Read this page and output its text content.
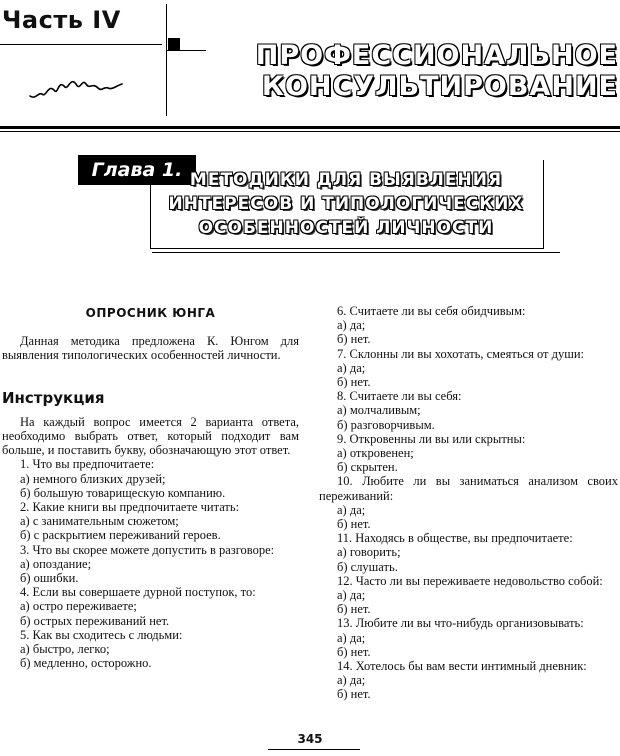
Часть IV
ПРОФЕССИОНАЛЬНОЕ КОНСУЛЬТИРОВАНИЕ
Глава 1. МЕТОДИКИ ДЛЯ ВЫЯВЛЕНИЯ ИНТЕРЕСОВ И ТИПОЛОГИЧЕСКИХ ОСОБЕННОСТЕЙ ЛИЧНОСТИ
ОПРОСНИК ЮНГА

Данная методика предложена К. Юнгом для выявления типологических особенностей личности.

Инструкция

На каждый вопрос имеется 2 варианта ответа, необходимо выбрать ответ, который подходит вам больше, и поставить букву, обозначающую этот ответ.

1. Что вы предпочитаете:

а) немного близких друзей;

б) большую товарищескую компанию.

2. Какие книги вы предпочитаете читать:

а) с занимательным сюжетом;

б) с раскрытием переживаний героев.

3. Что вы скорее можете допустить в разговоре:

а) опоздание;

б) ошибки.

4. Если вы совершаете дурной поступок, то:

а) остро переживаете;

б) острых переживаний нет.

5. Как вы сходитесь с людьми:

а) быстро, легко;

б) медленно, осторожно.

6. Считаете ли вы себя обидчивым:

а) да;

б) нет.

7. Склонны ли вы хохотать, смеяться от души:

а) да;

б) нет.

8. Считаете ли вы себя:

а) молчаливым;

б) разговорчивым.

9. Откровенны ли вы или скрытны:

а) откровенен;

б) скрытен.

10. Любите ли вы заниматься анализом своих переживаний:

а) да;

б) нет.

11. Находясь в обществе, вы предпочитаете:

а) говорить;

б) слушать.

12. Часто ли вы переживаете недовольство собой:

а) да;

б) нет.

13. Любите ли вы что-нибудь организовывать:

а) да;

б) нет.

14. Хотелось бы вам вести интимный дневник:

а) да;

б) нет.

345
